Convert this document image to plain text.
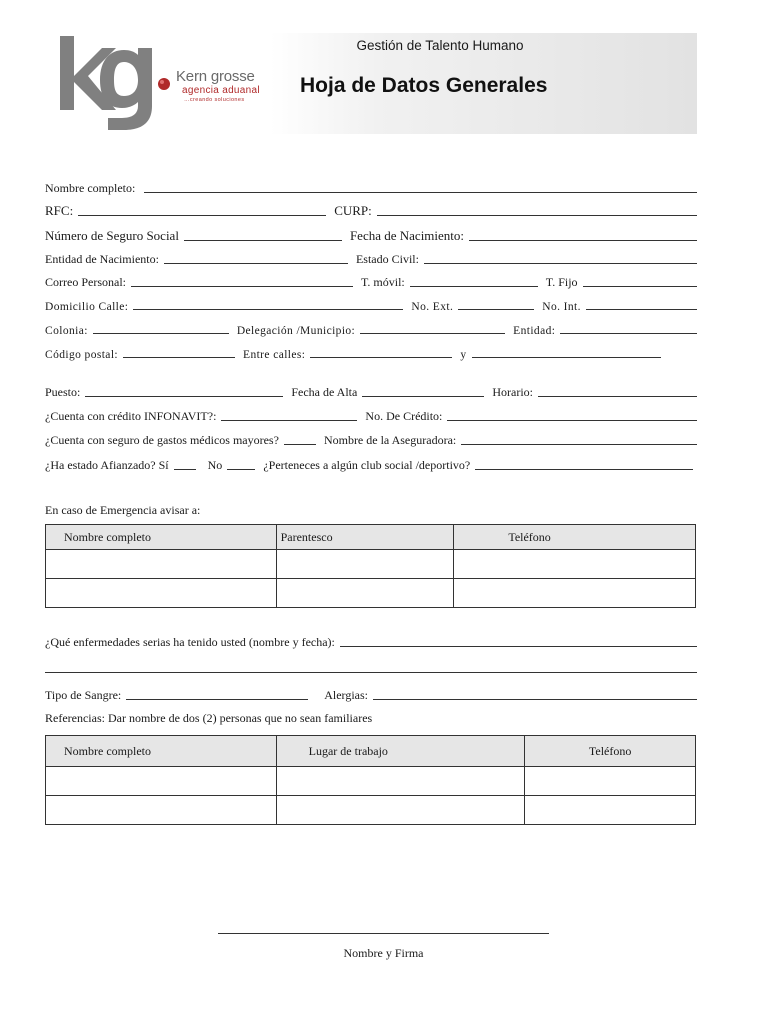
Kern grosse
agencia aduanal
…creando soluciones
Gestión de Talento Humano
Hoja de Datos Generales
Nombre completo:
RFC:	CURP:
Número de Seguro Social	Fecha de Nacimiento:
Entidad de Nacimiento:	Estado Civil:
Correo Personal:	T. móvil:	T. Fijo
Domicilio Calle:	No. Ext.	No. Int.
Colonia:	Delegación /Municipio:	Entidad:
Código postal:	Entre calles:	y
Puesto:	Fecha de Alta	Horario:
¿Cuenta con crédito INFONAVIT?:	No. De Crédito:
¿Cuenta con seguro de gastos médicos mayores?	Nombre de la Aseguradora:
¿Ha estado Afianzado? Sí	No	¿Perteneces a algún club social /deportivo?
En caso de Emergencia avisar a:
Nombre completo	Parentesco	Teléfono

¿Qué enfermedades serias ha tenido usted (nombre y fecha):
Tipo de Sangre:	Alergias:
Referencias: Dar nombre de dos (2) personas que no sean familiares
Nombre completo	Lugar de trabajo	Teléfono

Nombre y Firma
